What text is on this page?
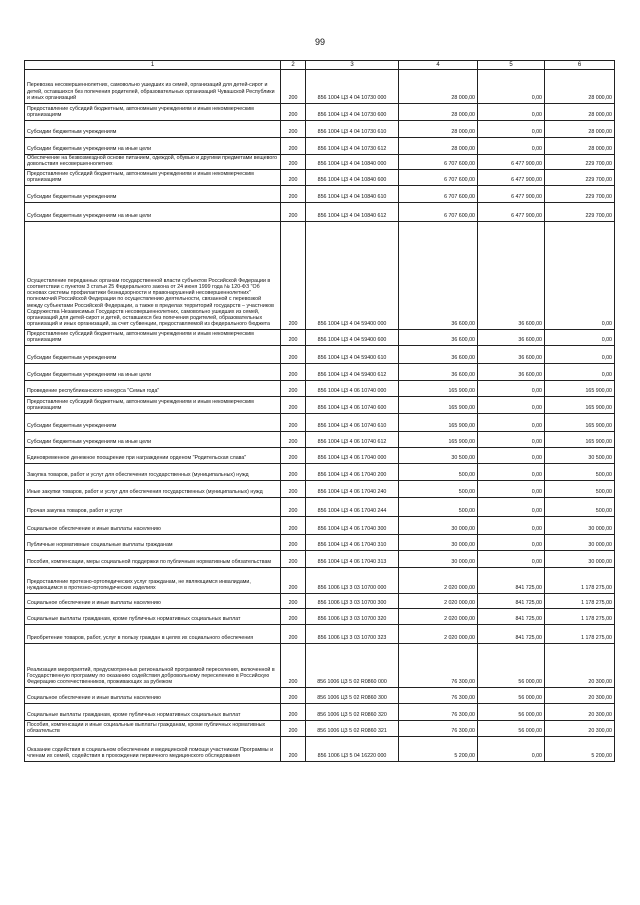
99
1	2	3	4	5	6
Перевозка несовершеннолетних, самовольно ушедших из семей, организаций для детей-сирот и детей, оставшихся без попечения родителей, образовательных организаций Чувашской Республики и иных организаций	200	856 1004 Ц3 4 04 10730 000	28 000,00	0,00	28 000,00
Предоставление субсидий бюджетным, автономным учреждениям и иным некоммерческим организациям	200	856 1004 Ц3 4 04 10730 600	28 000,00	0,00	28 000,00
Субсидии бюджетным учреждениям	200	856 1004 Ц3 4 04 10730 610	28 000,00	0,00	28 000,00
Субсидии бюджетным учреждениям на иные цели	200	856 1004 Ц3 4 04 10730 612	28 000,00	0,00	28 000,00
Обеспечение на безвозмездной основе питанием, одеждой, обувью и другими предметами вещевого довольствия несовершеннолетних	200	856 1004 Ц3 4 04 10840 000	6 707 600,00	6 477 900,00	229 700,00
Предоставление субсидий бюджетным, автономным учреждениям и иным некоммерческим организациям	200	856 1004 Ц3 4 04 10840 600	6 707 600,00	6 477 900,00	229 700,00
Субсидии бюджетным учреждениям	200	856 1004 Ц3 4 04 10840 610	6 707 600,00	6 477 900,00	229 700,00
Субсидии бюджетным учреждениям на иные цели	200	856 1004 Ц3 4 04 10840 612	6 707 600,00	6 477 900,00	229 700,00
Осуществление переданных органам государственной власти субъектов Российской Федерации в соответствии с пунктом 3 статьи 25 Федерального закона от 24 июня 1999 года № 120-ФЗ "Об основах системы профилактики безнадзорности и правонарушений несовершеннолетних" полномочий Российской Федерации по осуществлению деятельности, связанной с перевозкой между субъектами Российской Федерации, а также в пределах территорий государств – участников Содружества Независимых Государств несовершеннолетних, самовольно ушедших из семей, организаций для детей-сирот и детей, оставшихся без попечения родителей, образовательных организаций и иных организаций, за счет субвенции, предоставляемой из федерального бюджета	200	856 1004 Ц3 4 04 59400 000	36 600,00	36 600,00	0,00
Предоставление субсидий бюджетным, автономным учреждениям и иным некоммерческим организациям	200	856 1004 Ц3 4 04 59400 600	36 600,00	36 600,00	0,00
Субсидии бюджетным учреждениям	200	856 1004 Ц3 4 04 59400 610	36 600,00	36 600,00	0,00
Субсидии бюджетным учреждениям на иные цели	200	856 1004 Ц3 4 04 59400 612	36 600,00	36 600,00	0,00
Проведение республиканского конкурса "Семья года"	200	856 1004 Ц3 4 06 10740 000	165 900,00	0,00	165 900,00
Предоставление субсидий бюджетным, автономным учреждениям и иным некоммерческим организациям	200	856 1004 Ц3 4 06 10740 600	165 900,00	0,00	165 900,00
Субсидии бюджетным учреждениям	200	856 1004 Ц3 4 06 10740 610	165 900,00	0,00	165 900,00
Субсидии бюджетным учреждениям на иные цели	200	856 1004 Ц3 4 06 10740 612	165 900,00	0,00	165 900,00
Единовременное денежное поощрение при награждении орденом "Родительская слава"	200	856 1004 Ц3 4 06 17040 000	30 500,00	0,00	30 500,00
Закупка товаров, работ и услуг для обеспечения государственных (муниципальных) нужд	200	856 1004 Ц3 4 06 17040 200	500,00	0,00	500,00
Иные закупки товаров, работ и услуг для обеспечения государственных (муниципальных) нужд	200	856 1004 Ц3 4 06 17040 240	500,00	0,00	500,00
Прочая закупка товаров, работ и услуг	200	856 1004 Ц3 4 06 17040 244	500,00	0,00	500,00
Социальное обеспечение и иные выплаты населению	200	856 1004 Ц3 4 06 17040 300	30 000,00	0,00	30 000,00
Публичные нормативные социальные выплаты гражданам	200	856 1004 Ц3 4 06 17040 310	30 000,00	0,00	30 000,00
Пособия, компенсации, меры социальной поддержки по публичным нормативным обязательствам	200	856 1004 Ц3 4 06 17040 313	30 000,00	0,00	30 000,00
Предоставление протезно-ортопедических услуг гражданам, не являющимся инвалидами, нуждающимся в протезно-ортопедических изделиях	200	856 1006 Ц3 3 03 10700 000	2 020 000,00	841 725,00	1 178 275,00
Социальное обеспечение и иные выплаты населению	200	856 1006 Ц3 3 03 10700 300	2 020 000,00	841 725,00	1 178 275,00
Социальные выплаты гражданам, кроме публичных нормативных социальных выплат	200	856 1006 Ц3 3 03 10700 320	2 020 000,00	841 725,00	1 178 275,00
Приобретение товаров, работ, услуг в пользу граждан в целях их социального обеспечения	200	856 1006 Ц3 3 03 10700 323	2 020 000,00	841 725,00	1 178 275,00
Реализация мероприятий, предусмотренных региональной программой переселения, включенной в Государственную программу по оказанию содействия добровольному переселению в Российскую Федерацию соотечественников, проживающих за рубежом	200	856 1006 Ц3 5 02 R0860 000	76 300,00	56 000,00	20 300,00
Социальное обеспечение и иные выплаты населению	200	856 1006 Ц3 5 02 R0860 300	76 300,00	56 000,00	20 300,00
Социальные выплаты гражданам, кроме публичных нормативных социальных выплат	200	856 1006 Ц3 5 02 R0860 320	76 300,00	56 000,00	20 300,00
Пособия, компенсации и иные социальные выплаты гражданам, кроме публичных нормативных обязательств	200	856 1006 Ц3 5 02 R0860 321	76 300,00	56 000,00	20 300,00
Оказание содействия в социальном обеспечении и медицинской помощи участникам Программы и членам их семей, содействия в прохождении первичного медицинского обследования	200	856 1006 Ц3 5 04 16220 000	5 200,00	0,00	5 200,00
